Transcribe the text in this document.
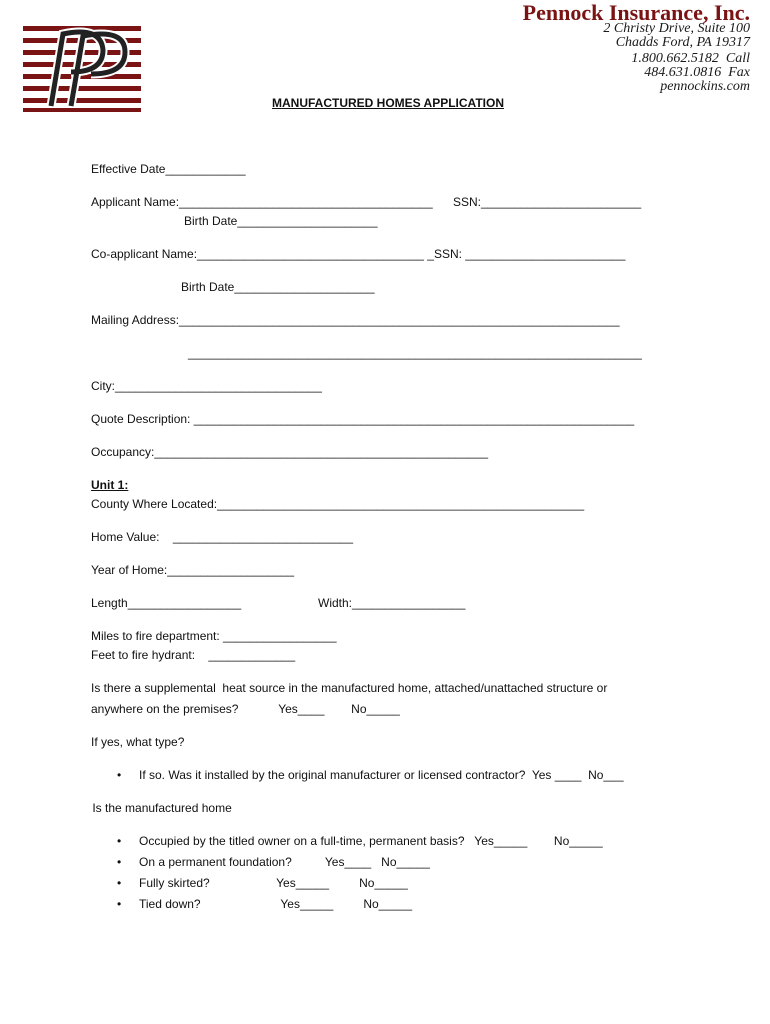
Pennock Insurance, Inc.
2 Christy Drive, Suite 100
Chadds Ford, PA 19317
1.800.662.5182  Call
484.631.0816  Fax
pennockins.com
MANUFACTURED HOMES APPLICATION
Effective Date____________
Applicant Name:______________________________________ SSN:________________________
Birth Date_____________________
Co-applicant Name:__________________________________ _SSN: ________________________
Birth Date_____________________
Mailing Address:__________________________________________________________________
____________________________________________________________________
City:_______________________________
Quote Description: __________________________________________________________________
Occupancy:__________________________________________________
Unit 1:
County Where Located:_______________________________________________________
Home Value:    ___________________________
Year of Home:___________________
Length_________________	Width:_________________
Miles to fire department: _________________
Feet to fire hydrant:    _____________
Is there a supplemental  heat source in the manufactured home, attached/unattached structure or
anywhere on the premises?            Yes____        No_____
If yes, what type?
• If so. Was it installed by the original manufacturer or licensed contractor?  Yes ____  No___
Is the manufactured home
• Occupied by the titled owner on a full-time, permanent basis?   Yes_____        No_____
• On a permanent foundation?          Yes____   No_____
• Fully skirted?                    Yes_____         No_____
• Tied down?                        Yes_____         No_____
